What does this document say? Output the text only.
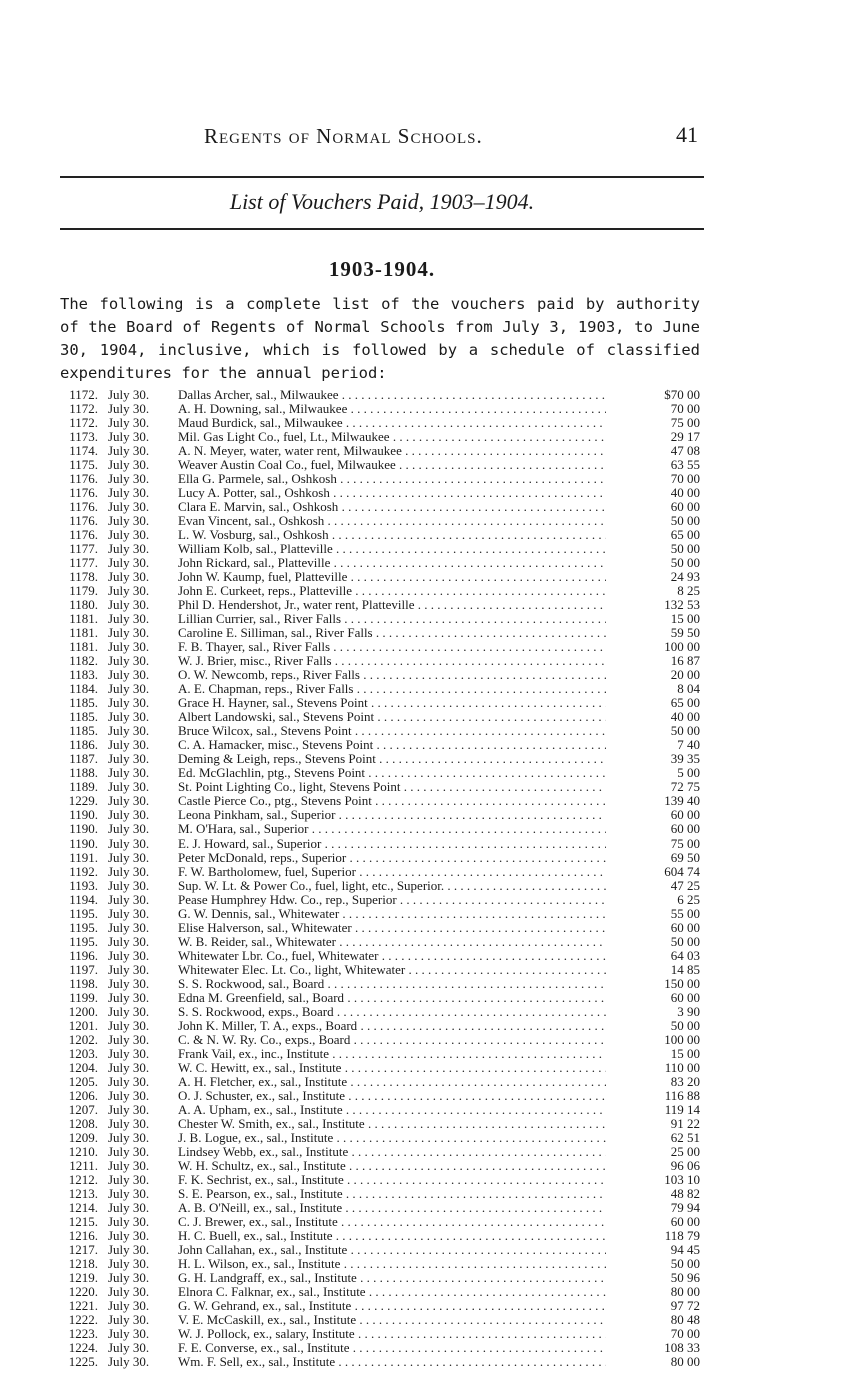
Regents of Normal Schools.	41
List of Vouchers Paid, 1903–1904.
1903-1904.
The following is a complete list of the vouchers paid by authority of the Board of Regents of Normal Schools from July 3, 1903, to June 30, 1904, inclusive, which is followed by a schedule of classified expenditures for the annual period:
1172. July 30. Dallas Archer, sal., Milwaukee . . .	$70 00
1172. July 30. A. H. Downing, sal., Milwaukee . . .	70 00
1172. July 30. Maud Burdick, sal., Milwaukee . . .	75 00
1173. July 30. Mil. Gas Light Co., fuel, Lt., Milwaukee . . .	29 17
1174. July 30. A. N. Meyer, water, water rent, Milwaukee . . .	47 08
1175. July 30. Weaver Austin Coal Co., fuel, Milwaukee . . .	63 55
1176. July 30. Ella G. Parmele, sal., Oshkosh . . .	70 00
1176. July 30. Lucy A. Potter, sal., Oshkosh . . .	40 00
1176. July 30. Clara E. Marvin, sal., Oshkosh . . .	60 00
1176. July 30. Evan Vincent, sal., Oshkosh . . .	50 00
1176. July 30. L. W. Vosburg, sal., Oshkosh . . .	65 00
1177. July 30. William Kolb, sal., Platteville . . .	50 00
1177. July 30. John Rickard, sal., Platteville . . .	50 00
1178. July 30. John W. Kaump, fuel, Platteville . . .	24 93
1179. July 30. John E. Curkeet, reps., Platteville . . .	8 25
1180. July 30. Phil D. Hendershot, Jr., water rent, Platteville . . .	132 53
1181. July 30. Lillian Currier, sal., River Falls . . .	15 00
1181. July 30. Caroline E. Silliman, sal., River Falls . . .	59 50
1181. July 30. F. B. Thayer, sal., River Falls . . .	100 00
1182. July 30. W. J. Brier, misc., River Falls . . .	16 87
1183. July 30. O. W. Newcomb, reps., River Falls . . .	20 00
1184. July 30. A. E. Chapman, reps., River Falls . . .	8 04
1185. July 30. Grace H. Hayner, sal., Stevens Point . . .	65 00
1185. July 30. Albert Landowski, sal., Stevens Point . . .	40 00
1185. July 30. Bruce Wilcox, sal., Stevens Point . . .	50 00
1186. July 30. C. A. Hamacker, misc., Stevens Point . . .	7 40
1187. July 30. Deming & Leigh, reps., Stevens Point . . .	39 35
1188. July 30. Ed. McGlachlin, ptg., Stevens Point . . .	5 00
1189. July 30. St. Point Lighting Co., light, Stevens Point . . .	72 75
1229. July 30. Castle Pierce Co., ptg., Stevens Point . . .	139 40
1190. July 30. Leona Pinkham, sal., Superior . . .	60 00
1190. July 30. M. O'Hara, sal., Superior . . .	60 00
1190. July 30. E. J. Howard, sal., Superior . . .	75 00
1191. July 30. Peter McDonald, reps., Superior . . .	69 50
1192. July 30. F. W. Bartholomew, fuel, Superior . . .	604 74
1193. July 30. Sup. W. Lt. & Power Co., fuel, light, etc., Superior. . . .	47 25
1194. July 30. Pease Humphrey Hdw. Co., rep., Superior . . .	6 25
1195. July 30. G. W. Dennis, sal., Whitewater . . .	55 00
1195. July 30. Elise Halverson, sal., Whitewater . . .	60 00
1195. July 30. W. B. Reider, sal., Whitewater . . .	50 00
1196. July 30. Whitewater Lbr. Co., fuel, Whitewater . . .	64 03
1197. July 30. Whitewater Elec. Lt. Co., light, Whitewater . . .	14 85
1198. July 30. S. S. Rockwood, sal., Board . . .	150 00
1199. July 30. Edna M. Greenfield, sal., Board . . .	60 00
1200. July 30. S. S. Rockwood, exps., Board . . .	3 90
1201. July 30. John K. Miller, T. A., exps., Board . . .	50 00
1202. July 30. C. & N. W. Ry. Co., exps., Board . . .	100 00
1203. July 30. Frank Vail, ex., inc., Institute . . .	15 00
1204. July 30. W. C. Hewitt, ex., sal., Institute . . .	110 00
1205. July 30. A. H. Fletcher, ex., sal., Institute . . .	83 20
1206. July 30. O. J. Schuster, ex., sal., Institute . . .	116 88
1207. July 30. A. A. Upham, ex., sal., Institute . . .	119 14
1208. July 30. Chester W. Smith, ex., sal., Institute . . .	91 22
1209. July 30. J. B. Logue, ex., sal., Institute . . .	62 51
1210. July 30. Lindsey Webb, ex., sal., Institute . . .	25 00
1211. July 30. W. H. Schultz, ex., sal., Institute . . .	96 06
1212. July 30. F. K. Sechrist, ex., sal., Institute . . .	103 10
1213. July 30. S. E. Pearson, ex., sal., Institute . . .	48 82
1214. July 30. A. B. O'Neill, ex., sal., Institute . . .	79 94
1215. July 30. C. J. Brewer, ex., sal., Institute . . .	60 00
1216. July 30. H. C. Buell, ex., sal., Institute . . .	118 79
1217. July 30. John Callahan, ex., sal., Institute . . .	94 45
1218. July 30. H. L. Wilson, ex., sal., Institute . . .	50 00
1219. July 30. G. H. Landgraff, ex., sal., Institute . . .	50 96
1220. July 30. Elnora C. Falknar, ex., sal., Institute . . .	80 00
1221. July 30. G. W. Gehrand, ex., sal., Institute . . .	97 72
1222. July 30. V. E. McCaskill, ex., sal., Institute . . .	80 48
1223. July 30. W. J. Pollock, ex., salary, Institute . . .	70 00
1224. July 30. F. E. Converse, ex., sal., Institute . . .	108 33
1225. July 30. Wm. F. Sell, ex., sal., Institute . . .	80 00
